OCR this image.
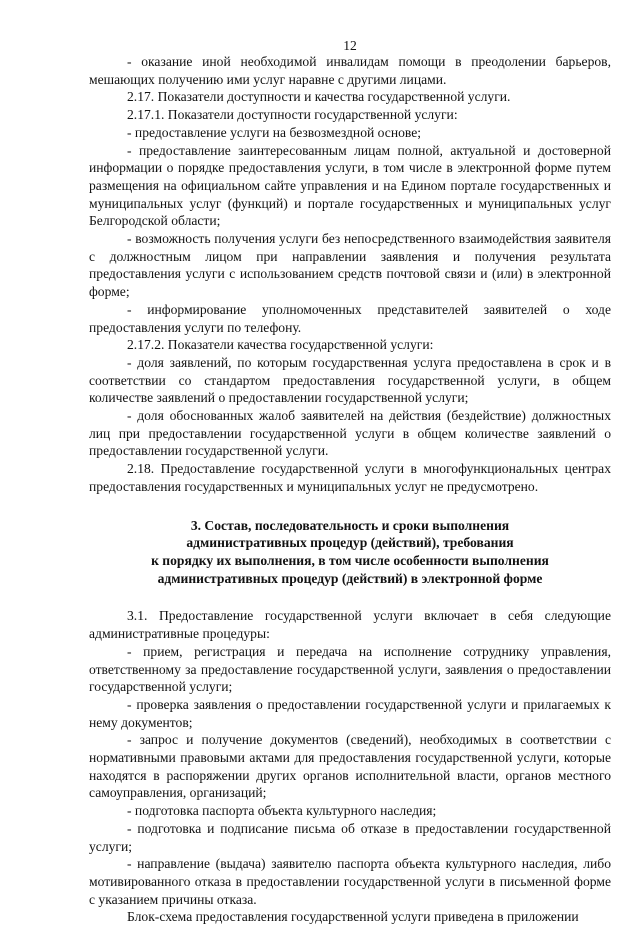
12

- оказание иной необходимой инвалидам помощи в преодолении барьеров, мешающих получению ими услуг наравне с другими лицами.

2.17. Показатели доступности и качества государственной услуги.

2.17.1. Показатели доступности государственной услуги:

- предоставление услуги на безвозмездной основе;

- предоставление заинтересованным лицам полной, актуальной и достоверной информации о порядке предоставления услуги, в том числе в электронной форме путем размещения на официальном сайте управления и на Едином портале государственных и муниципальных услуг (функций) и портале государственных и муниципальных услуг Белгородской области;

- возможность получения услуги без непосредственного взаимодействия заявителя с должностным лицом при направлении заявления и получения результата предоставления услуги с использованием средств почтовой связи и (или) в электронной форме;

- информирование уполномоченных представителей заявителей о ходе предоставления услуги по телефону.

2.17.2. Показатели качества государственной услуги:

- доля заявлений, по которым государственная услуга предоставлена в срок и в соответствии со стандартом предоставления государственной услуги, в общем количестве заявлений о предоставлении государственной услуги;

- доля обоснованных жалоб заявителей на действия (бездействие) должностных лиц при предоставлении государственной услуги в общем количестве заявлений о предоставлении государственной услуги.

2.18. Предоставление государственной услуги в многофункциональных центрах предоставления государственных и муниципальных услуг не предусмотрено.

3. Состав, последовательность и сроки выполнения

административных процедур (действий), требования

к порядку их выполнения, в том числе особенности выполнения

административных процедур (действий) в электронной форме

3.1. Предоставление государственной услуги включает в себя следующие административные процедуры:

- прием, регистрация и передача на исполнение сотруднику управления, ответственному за предоставление государственной услуги, заявления о предоставлении государственной услуги;

- проверка заявления о предоставлении государственной услуги и прилагаемых к нему документов;

- запрос и получение документов (сведений), необходимых в соответствии с нормативными правовыми актами для предоставления государственной услуги, которые находятся в распоряжении других органов исполнительной власти, органов местного самоуправления, организаций;

- подготовка паспорта объекта культурного наследия;

- подготовка и подписание письма об отказе в предоставлении государственной услуги;

- направление (выдача) заявителю паспорта объекта культурного наследия, либо мотивированного отказа в предоставлении государственной услуги в письменной форме с указанием причины отказа.

Блок-схема предоставления государственной услуги приведена в приложении
